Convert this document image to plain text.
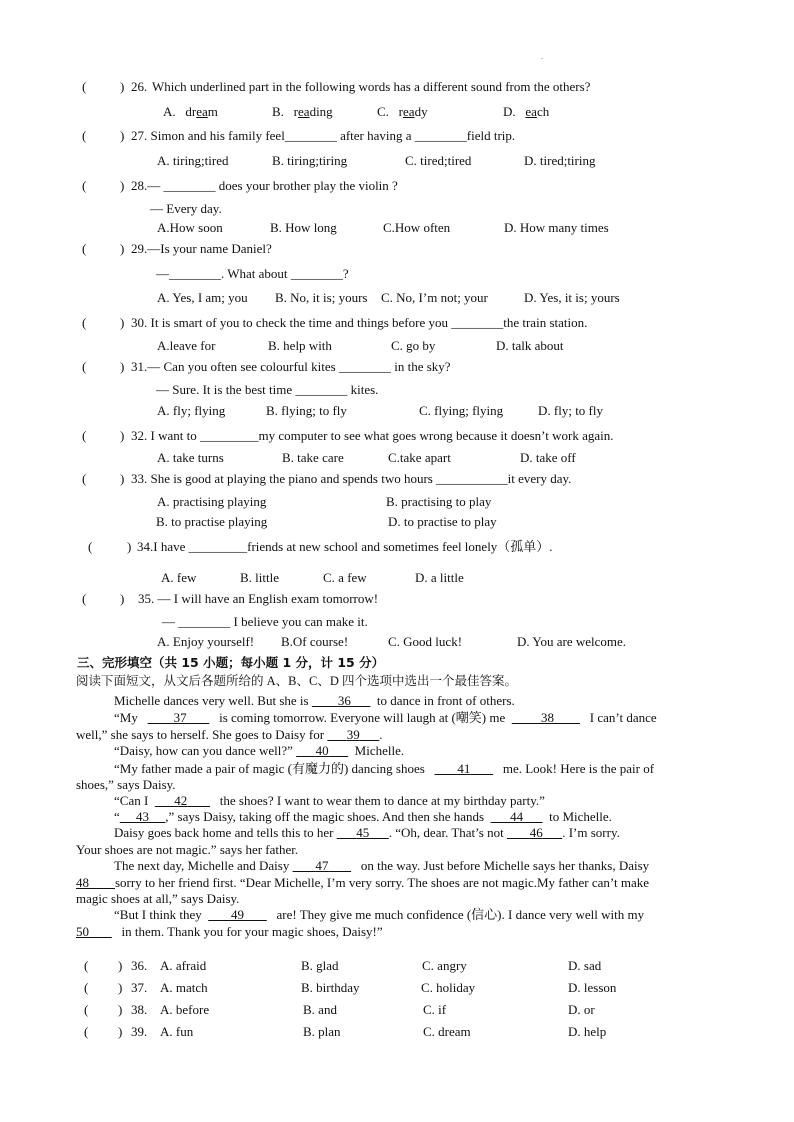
.
(	) 26. Which underlined part in the following words has a different sound from the others?
A. dream	B. reading	C. ready	D. each
(	) 27. Simon and his family feel________ after having a ________field trip.
A. tiring;tired	B. tiring;tiring	C. tired;tired	D. tired;tiring
(	) 28.— ________ does your brother play the violin ?
— Every day.
A.How soon	B. How long	C.How often	D. How many times
(	) 29.—Is your name Daniel?
—________. What about ________?
A. Yes, I am; you B. No, it is; yours C. No, I’m not; your	D. Yes, it is; yours
(	) 30. It is smart of you to check the time and things before you ________the train station.
A.leave for	B. help with	C. go by	D. talk about
(	) 31.— Can you often see colourful kites ________ in the sky?
— Sure. It is the best time ________ kites.
A. fly; flying	B. flying; to fly	C. flying; flying	D. fly; to fly
(	) 32. I want to _________my computer to see what goes wrong because it doesn’t work again.
A. take turns	B. take care	C.take apart	D. take off
(	) 33. She is good at playing the piano and spends two hours ___________it every day.
A. practising playing	B. practising to play
B. to practise playing	D. to practise to play
(	) 34.I have _________friends at new school and sometimes feel lonely（孤单）.
A. few	B. little	C. a few	D. a little
(	) 35. — I will have an English exam tomorrow!
— ________ I believe you can make it.
A. Enjoy yourself! B.Of course!	C. Good luck!	D. You are welcome.
三、完形填空（共 15 小题；每小题 1 分，计 15 分）
阅读下面短文，从文后各题所给的 A、B、C、D 四个选项中选出一个最佳答案。
Michelle dances very well. But she is 36 to dance in front of others.
“My	37	is coming tomorrow. Everyone will laugh at (嘲笑) me	38	I can’t dance
well,” she says to herself. She goes to Daisy for 39 .
“Daisy, how can you dance well?” 40 Michelle.
“My father made a pair of magic (有魔力的) dancing shoes	41	me. Look! Here is the pair of
shoes,” says Daisy.
“Can I 42	the shoes? I want to wear them to dance at my birthday party.”
“ 43 ,” says Daisy, taking off the magic shoes. And then she hands 44 to Michelle.
Daisy goes back home and tells this to her 45 . “Oh, dear. That’s not 46 . I’m sorry.
Your shoes are not magic.” says her father.
The next day, Michelle and Daisy 47	on the way. Just before Michelle says her thanks, Daisy
48 sorry to her friend first. “Dear Michelle, I’m very sorry. The shoes are not magic.My father can’t make
magic shoes at all,” says Daisy.
“But I think they 49	are! They give me much confidence (信心). I dance very well with my
50	in them. Thank you for your magic shoes, Daisy!”
( ) 36. A. afraid	B. glad	C. angry	D. sad
( ) 37. A. match	B. birthday	C. holiday	D. lesson
( ) 38. A. before	B. and	C. if	D. or
( ) 39. A. fun	B. plan	C. dream	D. help
